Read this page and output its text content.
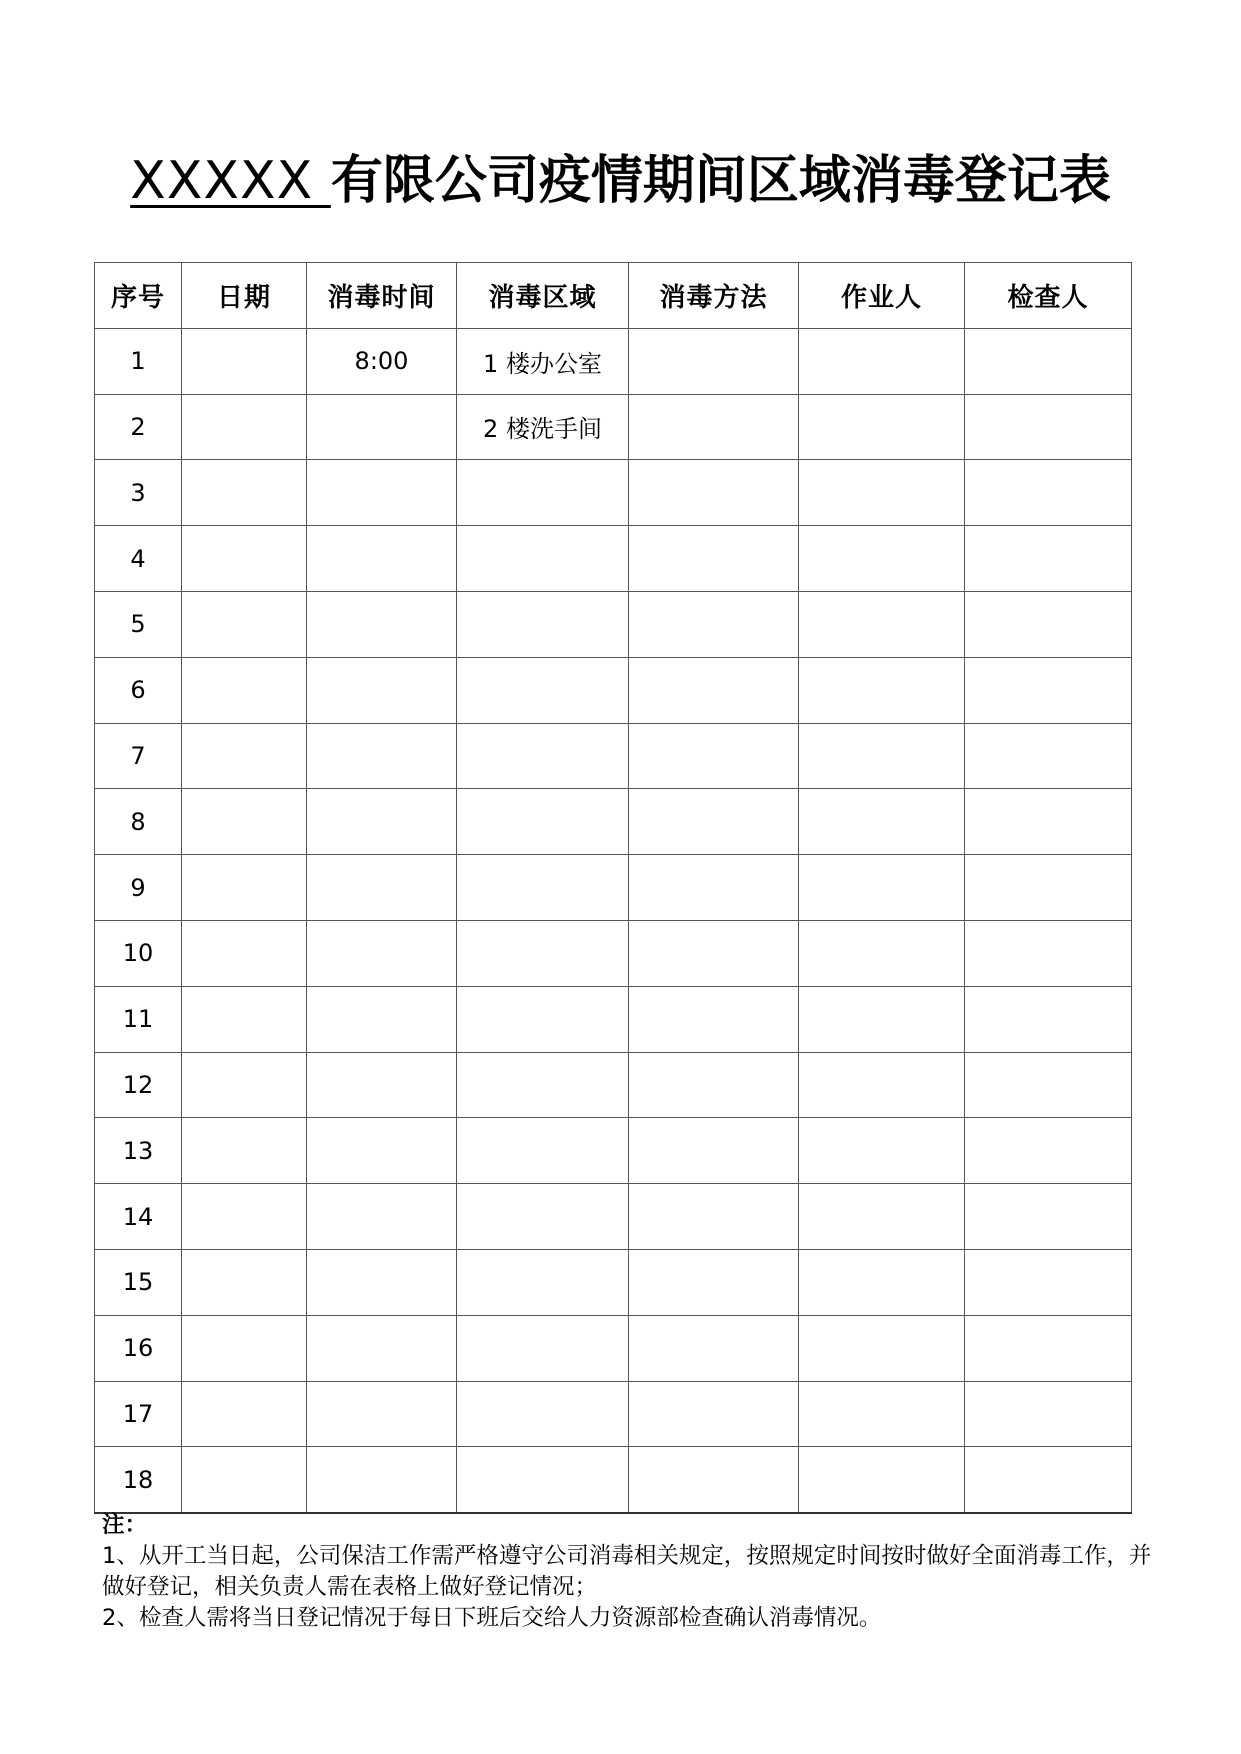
XXXXX 有限公司疫情期间区域消毒登记表
序号	日期	消毒时间	消毒区域	消毒方法	作业人	检查人
1		8:00	1 楼办公室			
2			2 楼洗手间			
3						
4						
5						
6						
7						
8						
9						
10						
11						
12						
13						
14						
15						
16						
17						
18						

注：

1、从开工当日起，公司保洁工作需严格遵守公司消毒相关规定，按照规定时间按时做好全面消毒工作，并做好登记，相关负责人需在表格上做好登记情况；

2、检查人需将当日登记情况于每日下班后交给人力资源部检查确认消毒情况。
